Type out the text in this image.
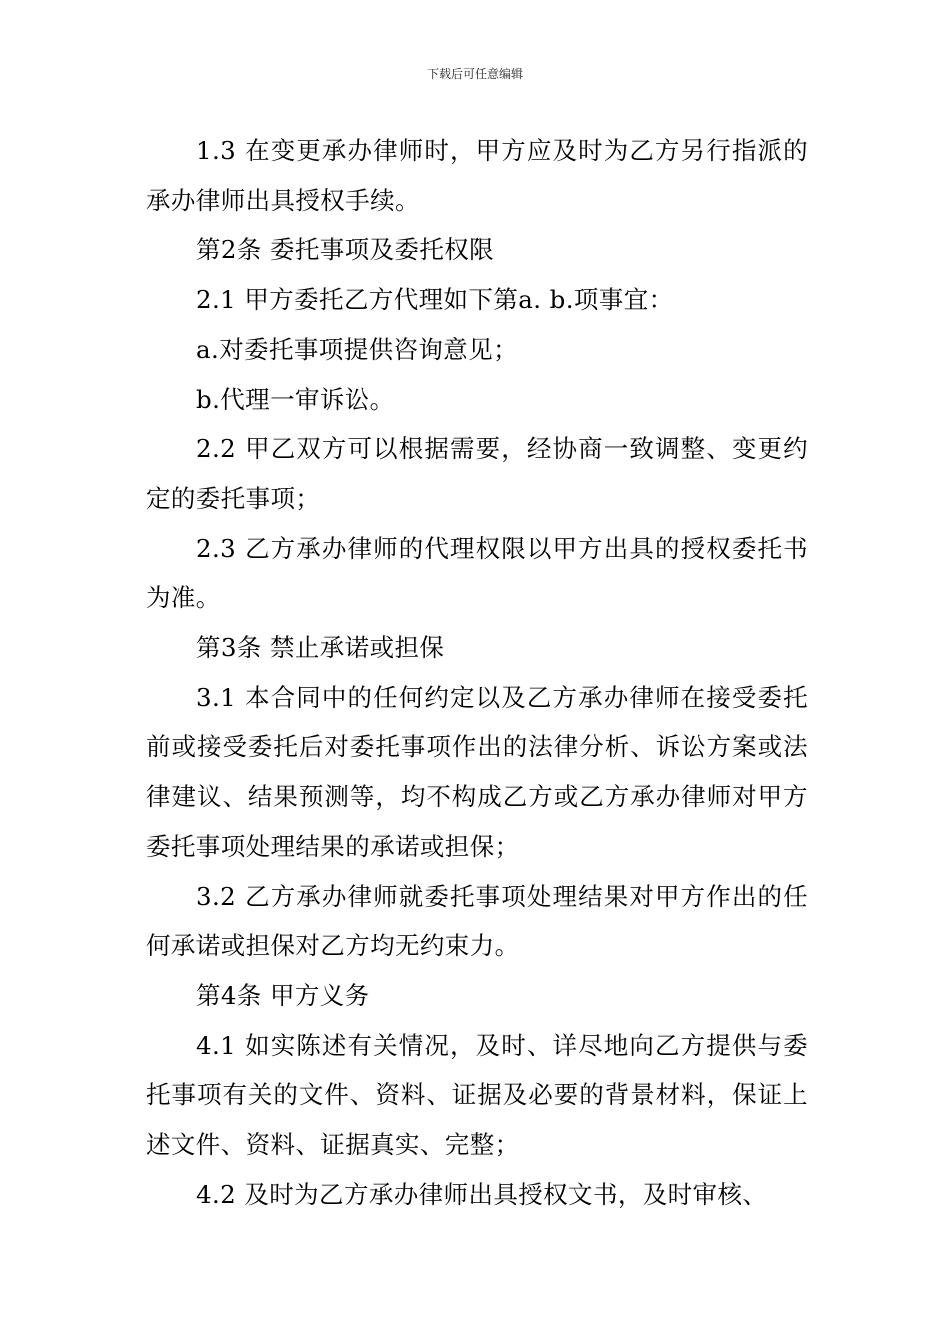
下载后可任意编辑

1.3 在变更承办律师时，甲方应及时为乙方另行指派的承办律师出具授权手续。

第2条 委托事项及委托权限

2.1 甲方委托乙方代理如下第a. b.项事宜：

a.对委托事项提供咨询意见；

b.代理一审诉讼。

2.2 甲乙双方可以根据需要，经协商一致调整、变更约定的委托事项；

2.3 乙方承办律师的代理权限以甲方出具的授权委托书为准。

第3条 禁止承诺或担保

3.1 本合同中的任何约定以及乙方承办律师在接受委托前或接受委托后对委托事项作出的法律分析、诉讼方案或法律建议、结果预测等，均不构成乙方或乙方承办律师对甲方委托事项处理结果的承诺或担保；

3.2 乙方承办律师就委托事项处理结果对甲方作出的任何承诺或担保对乙方均无约束力。

第4条 甲方义务

4.1 如实陈述有关情况，及时、详尽地向乙方提供与委托事项有关的文件、资料、证据及必要的背景材料，保证上述文件、资料、证据真实、完整；

4.2 及时为乙方承办律师出具授权文书，及时审核、
